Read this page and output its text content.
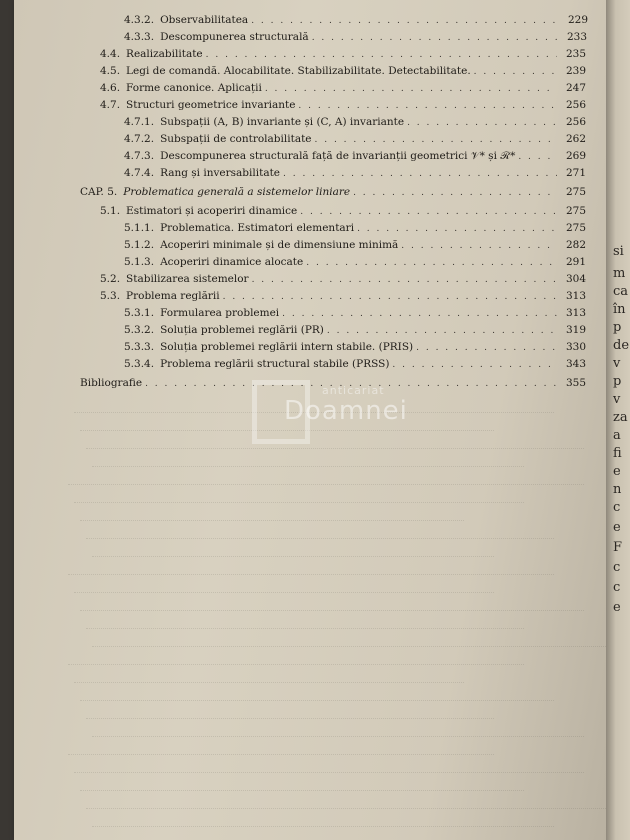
4.3.2. Observabilitatea . . .	229
4.3.3. Descompunerea structurală . . .	233
4.4. Realizabilitate . . .	235
4.5. Legi de comandă. Alocabilitate. Stabilizabilitate. Detectabilitate. . . .	239
4.6. Forme canonice. Aplicații . . .	247
4.7. Structuri geometrice invariante . . .	256
4.7.1. Subspații (A, B) invariante și (C, A) invariante . . .	256
4.7.2. Subspații de controlabilitate . . .	262
4.7.3. Descompunerea structurală față de invarianții geometrici 𝒱* și ℛ* . . .	269
4.7.4. Rang și inversabilitate . . .	271
CAP. 5. Problematica generală a sistemelor liniare . . .	275
5.1. Estimatori și acoperiri dinamice . . .	275
5.1.1. Problematica. Estimatori elementari . . .	275
5.1.2. Acoperiri minimale și de dimensiune minimă . . .	282
5.1.3. Acoperiri dinamice alocate . . .	291
5.2. Stabilizarea sistemelor . . .	304
5.3. Problema reglării . . .	313
5.3.1. Formularea problemei . . .	313
5.3.2. Soluția problemei reglării (PR) . . .	319
5.3.3. Soluția problemei reglării intern stabile. (PRIS) . . .	330
5.3.4. Problema reglării structural stabile (PRSS) . . .	343
Bibliografie . . .	355
anticariat
Doamnei
si
m
ca
în
p
de
v
p
v
za
a
fi
e
n
c
e
F
c
c
e
